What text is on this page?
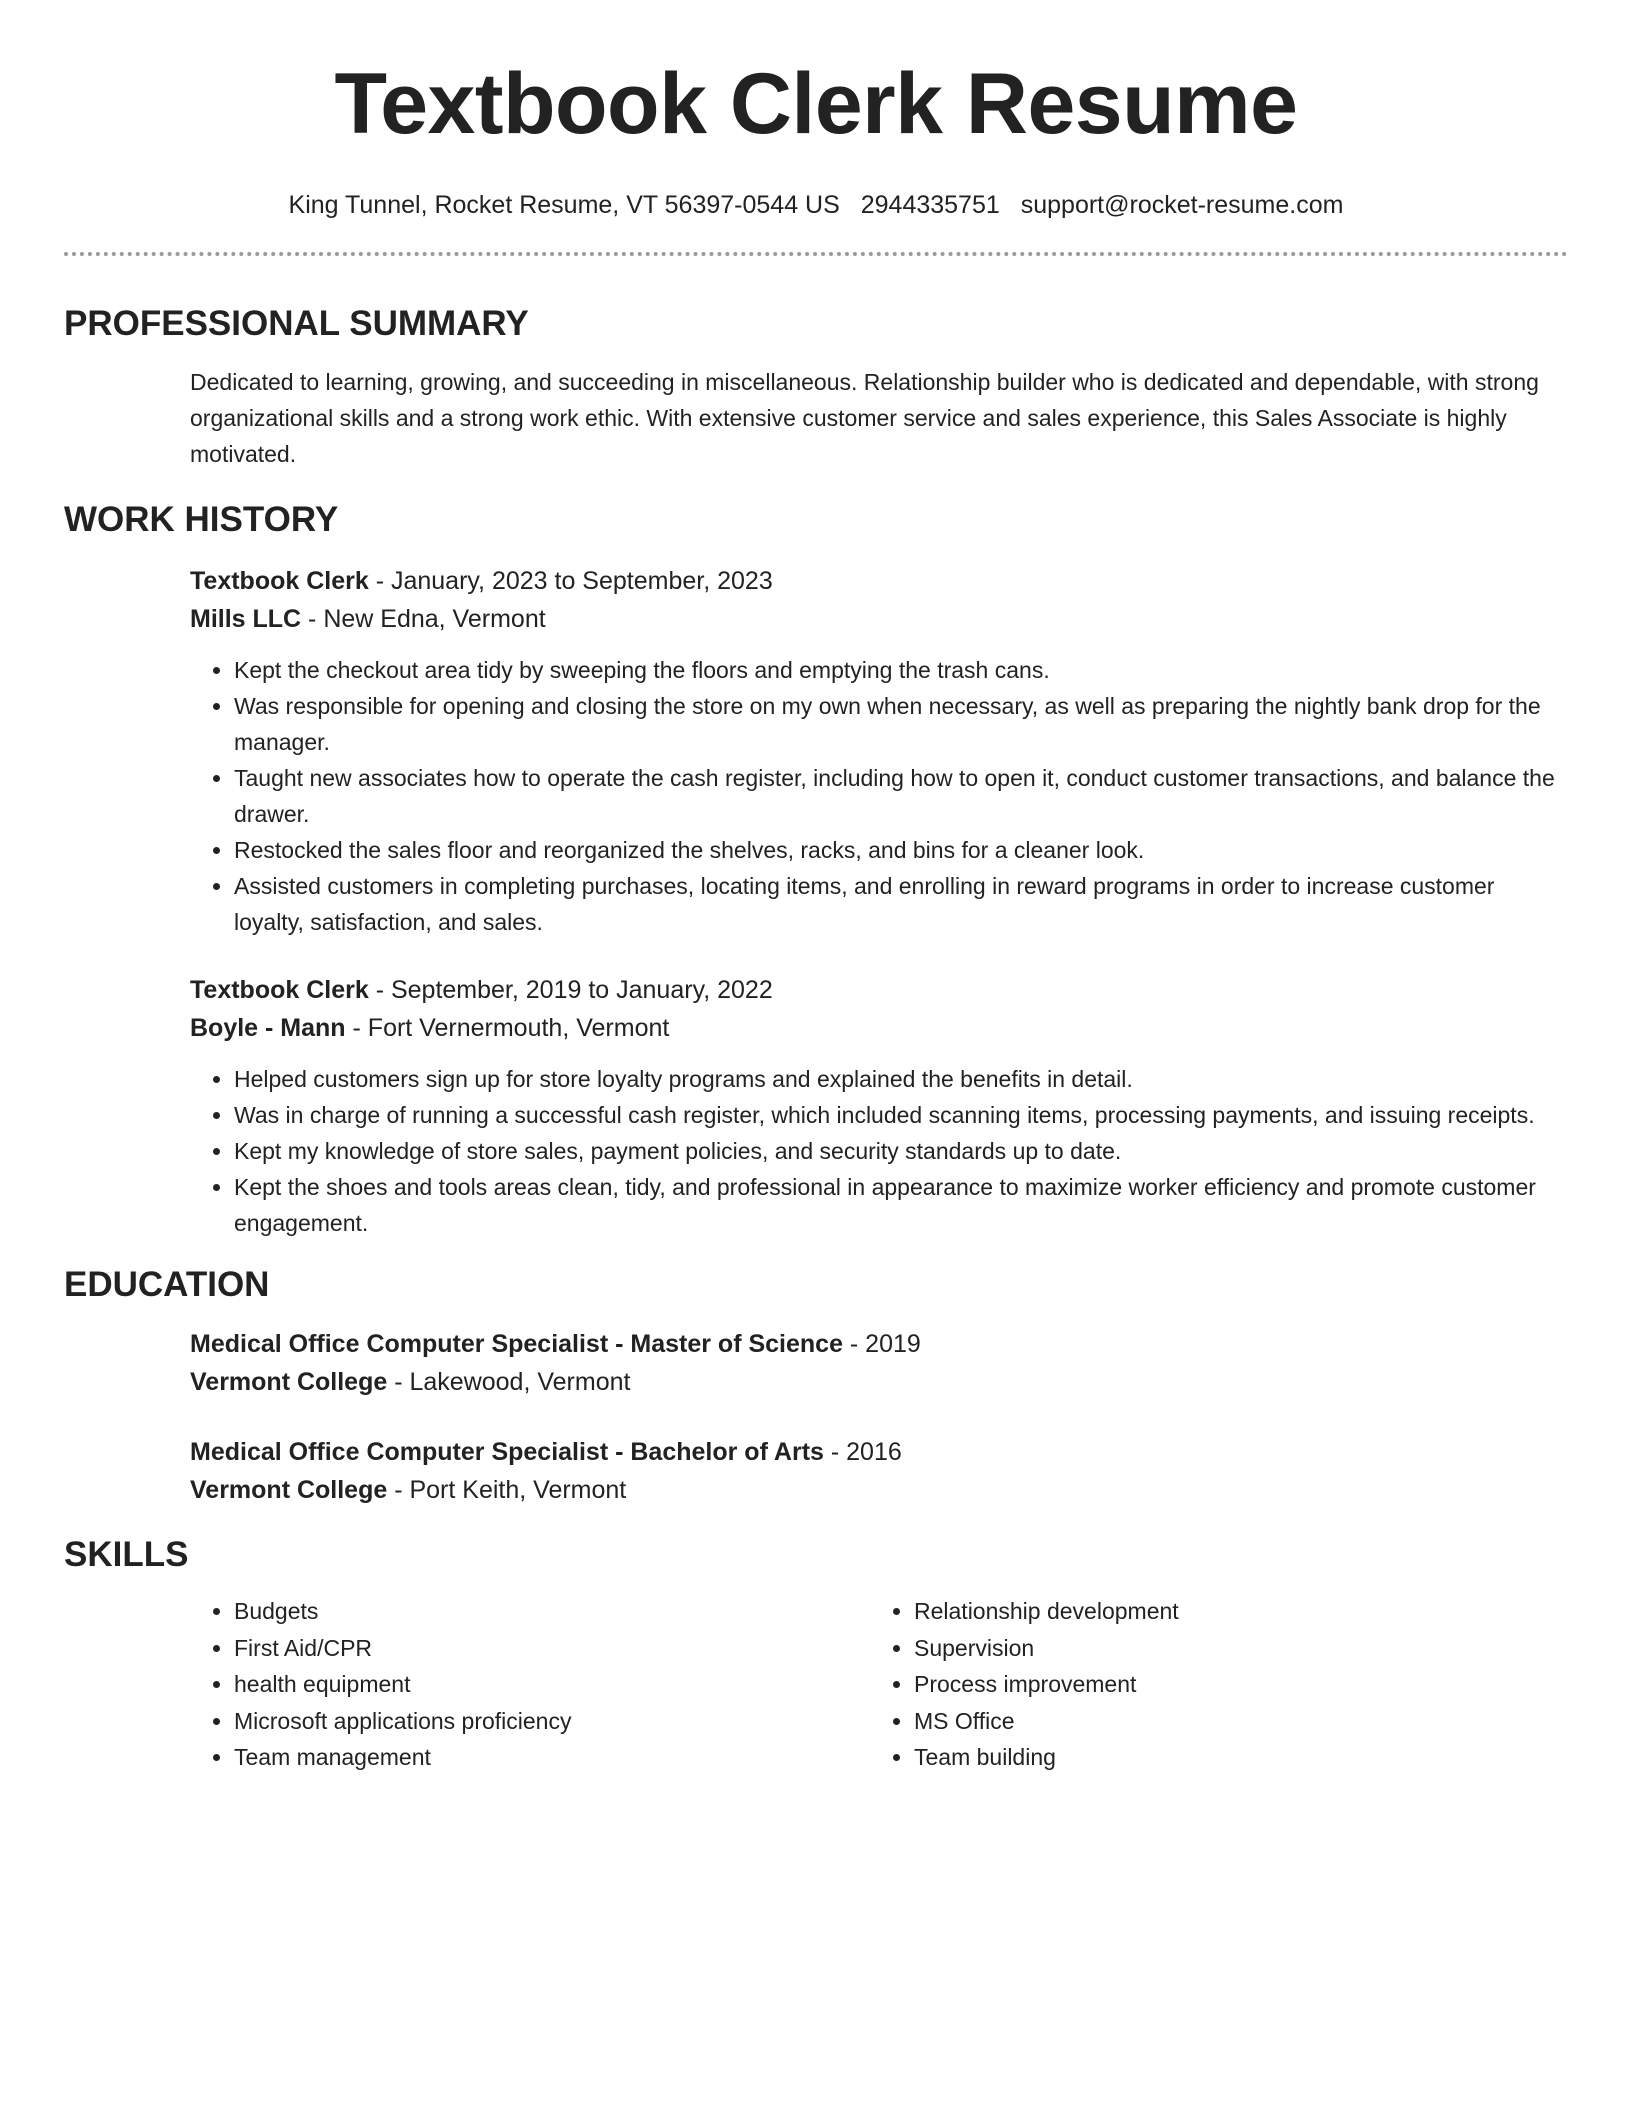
Textbook Clerk Resume
King Tunnel, Rocket Resume, VT 56397-0544 US 2944335751 support@rocket-resume.com
PROFESSIONAL SUMMARY

Dedicated to learning, growing, and succeeding in miscellaneous. Relationship builder who is dedicated and dependable, with strong organizational skills and a strong work ethic. With extensive customer service and sales experience, this Sales Associate is highly motivated.

WORK HISTORY
Textbook Clerk - January, 2023 to September, 2023
Mills LLC - New Edna, Vermont
• Kept the checkout area tidy by sweeping the floors and emptying the trash cans.
• Was responsible for opening and closing the store on my own when necessary, as well as preparing the nightly bank drop for the manager.
• Taught new associates how to operate the cash register, including how to open it, conduct customer transactions, and balance the drawer.
• Restocked the sales floor and reorganized the shelves, racks, and bins for a cleaner look.
• Assisted customers in completing purchases, locating items, and enrolling in reward programs in order to increase customer loyalty, satisfaction, and sales.
Textbook Clerk - September, 2019 to January, 2022
Boyle - Mann - Fort Vernermouth, Vermont
• Helped customers sign up for store loyalty programs and explained the benefits in detail.
• Was in charge of running a successful cash register, which included scanning items, processing payments, and issuing receipts.
• Kept my knowledge of store sales, payment policies, and security standards up to date.
• Kept the shoes and tools areas clean, tidy, and professional in appearance to maximize worker efficiency and promote customer engagement.
EDUCATION
Medical Office Computer Specialist - Master of Science - 2019
Vermont College - Lakewood, Vermont
Medical Office Computer Specialist - Bachelor of Arts - 2016
Vermont College - Port Keith, Vermont
SKILLS
• Budgets
• First Aid/CPR
• health equipment
• Microsoft applications proficiency
• Team management
• Relationship development
• Supervision
• Process improvement
• MS Office
• Team building
